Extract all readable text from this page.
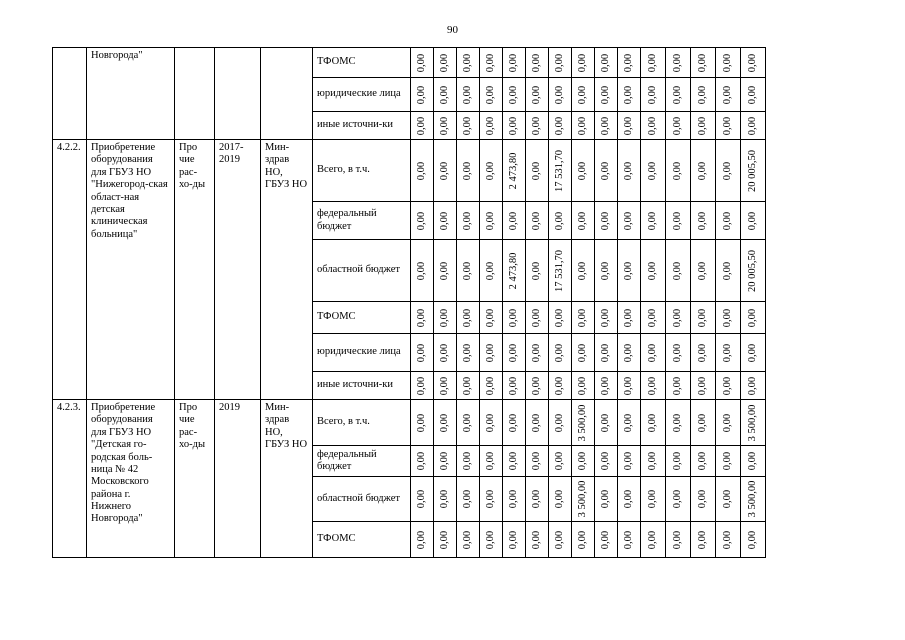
90
	Новгорода"				ТФОМС	0,00	0,00	0,00	0,00	0,00	0,00	0,00	0,00	0,00	0,00	0,00	0,00	0,00	0,00	0,00

					юридические лица	0,00	0,00	0,00	0,00	0,00	0,00	0,00	0,00	0,00	0,00	0,00	0,00	0,00	0,00	0,00

					иные источни-ки	0,00	0,00	0,00	0,00	0,00	0,00	0,00	0,00	0,00	0,00	0,00	0,00	0,00	0,00	0,00

4.2.2.	Приобретение оборудования для ГБУЗ НО "Нижегород-ская област-ная детская клиническая больница"	Про чие рас-хо-ды	2017-2019	Мин-здрав НО, ГБУЗ НО	Всего, в т.ч.	0,00	0,00	0,00	0,00	2 473,80	0,00	17 531,70	0,00	0,00	0,00	0,00	0,00	0,00	0,00	20 005,50

					федеральный бюджет	0,00	0,00	0,00	0,00	0,00	0,00	0,00	0,00	0,00	0,00	0,00	0,00	0,00	0,00	0,00

					областной бюджет	0,00	0,00	0,00	0,00	2 473,80	0,00	17 531,70	0,00	0,00	0,00	0,00	0,00	0,00	0,00	20 005,50

					ТФОМС	0,00	0,00	0,00	0,00	0,00	0,00	0,00	0,00	0,00	0,00	0,00	0,00	0,00	0,00	0,00

					юридические лица	0,00	0,00	0,00	0,00	0,00	0,00	0,00	0,00	0,00	0,00	0,00	0,00	0,00	0,00	0,00

					иные источни-ки	0,00	0,00	0,00	0,00	0,00	0,00	0,00	0,00	0,00	0,00	0,00	0,00	0,00	0,00	0,00

4.2.3.	Приобретение оборудования для ГБУЗ НО "Детская го-родская боль-ница № 42 Московского района г. Нижнего Новгорода"	Про чие рас-хо-ды	2019	Мин-здрав НО, ГБУЗ НО	Всего, в т.ч.	0,00	0,00	0,00	0,00	0,00	0,00	0,00	3 500,00	0,00	0,00	0,00	0,00	0,00	0,00	3 500,00

					федеральный бюджет	0,00	0,00	0,00	0,00	0,00	0,00	0,00	0,00	0,00	0,00	0,00	0,00	0,00	0,00	0,00

					областной бюджет	0,00	0,00	0,00	0,00	0,00	0,00	0,00	3 500,00	0,00	0,00	0,00	0,00	0,00	0,00	3 500,00

					ТФОМС	0,00	0,00	0,00	0,00	0,00	0,00	0,00	0,00	0,00	0,00	0,00	0,00	0,00	0,00	0,00
